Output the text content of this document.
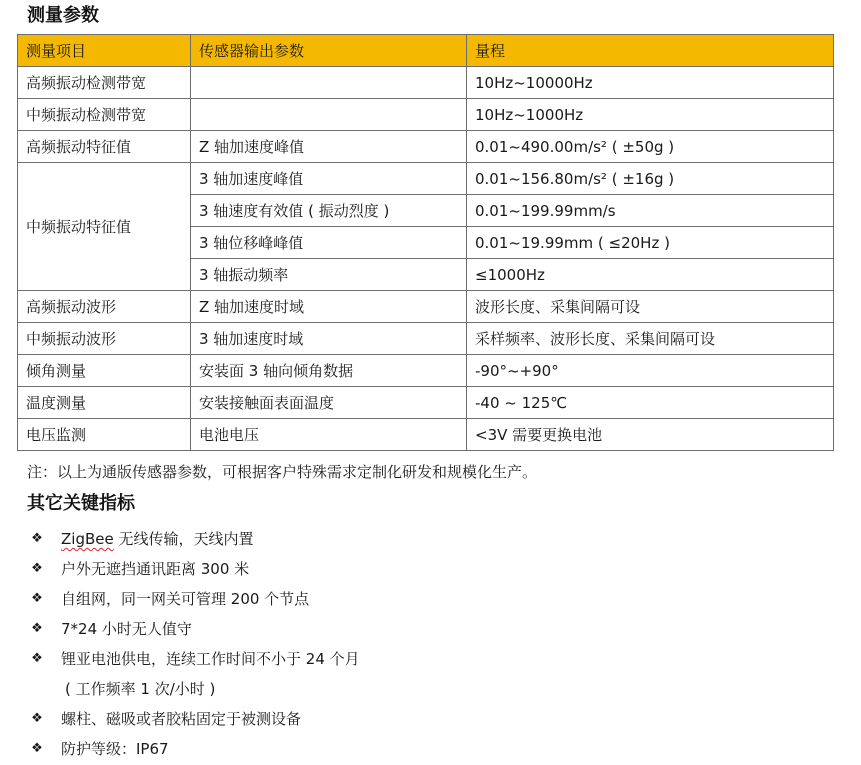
测量参数
测量项目	传感器输出参数	量程
高频振动检测带宽		10Hz~10000Hz
中频振动检测带宽		10Hz~1000Hz
高频振动特征值	Z 轴加速度峰值	0.01~490.00m/s² ( ±50g )
中频振动特征值	3 轴加速度峰值	0.01~156.80m/s² ( ±16g )
	3 轴速度有效值 ( 振动烈度 )	0.01~199.99mm/s
	3 轴位移峰峰值	0.01~19.99mm ( ≤20Hz )
	3 轴振动频率	≤1000Hz
高频振动波形	Z 轴加速度时域	波形长度、采集间隔可设
中频振动波形	3 轴加速度时域	采样频率、波形长度、采集间隔可设
倾角测量	安装面 3 轴向倾角数据	-90°~+90°
温度测量	安装接触面表面温度	-40 ~ 125℃
电压监测	电池电压	<3V 需要更换电池
注：以上为通版传感器参数，可根据客户特殊需求定制化研发和规模化生产。
其它关键指标
❖ ZigBee 无线传输，天线内置
❖ 户外无遮挡通讯距离 300 米
❖ 自组网，同一网关可管理 200 个节点
❖ 7*24 小时无人值守
❖ 锂亚电池供电，连续工作时间不小于 24 个月
( 工作频率 1 次/小时 )
❖ 螺柱、磁吸或者胶粘固定于被测设备
❖ 防护等级：IP67
